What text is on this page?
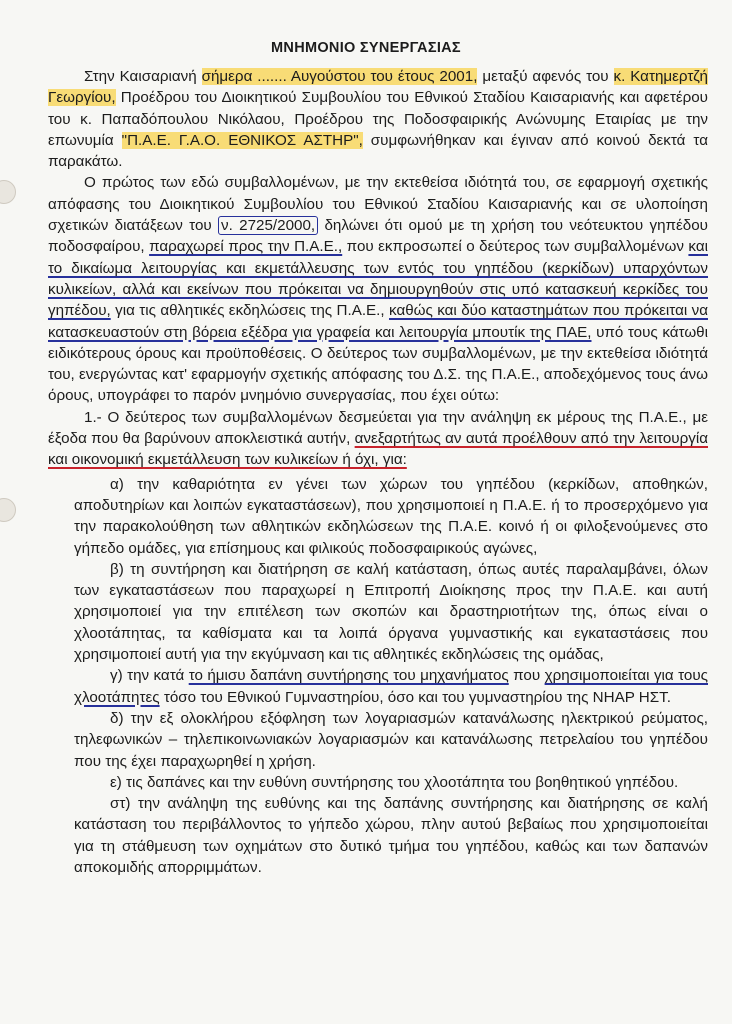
ΜΝΗΜΟΝΙΟ ΣΥΝΕΡΓΑΣΙΑΣ

Στην Καισαριανή σήμερα ....... Αυγούστου του έτους 2001, μεταξύ αφενός του κ. Κατημερτζή Γεωργίου, Προέδρου του Διοικητικού Συμβουλίου του Εθνικού Σταδίου Καισαριανής και αφετέρου του κ. Παπαδόπουλου Νικόλαου, Προέδρου της Ποδοσφαιρικής Ανώνυμης Εταιρίας με την επωνυμία "Π.Α.Ε. Γ.Α.Ο. ΕΘΝΙΚΟΣ ΑΣΤΗΡ", συμφωνήθηκαν και έγιναν από κοινού δεκτά τα παρακάτω.

Ο πρώτος των εδώ συμβαλλομένων, με την εκτεθείσα ιδιότητά του, σε εφαρμογή σχετικής απόφασης του Διοικητικού Συμβουλίου του Εθνικού Σταδίου Καισαριανής και σε υλοποίηση σχετικών διατάξεων του ν. 2725/2000, δηλώνει ότι ομού με τη χρήση του νεότευκτου γηπέδου ποδοσφαίρου, παραχωρεί προς την Π.Α.Ε., που εκπροσωπεί ο δεύτερος των συμβαλλομένων και το δικαίωμα λειτουργίας και εκμετάλλευσης των εντός του γηπέδου (κερκίδων) υπαρχόντων κυλικείων, αλλά και εκείνων που πρόκειται να δημιουργηθούν στις υπό κατασκευή κερκίδες του γηπέδου, για τις αθλητικές εκδηλώσεις της Π.Α.Ε., καθώς και δύο καταστημάτων που πρόκειται να κατασκευαστούν στη βόρεια εξέδρα για γραφεία και λειτουργία μπουτίκ της ΠΑΕ, υπό τους κάτωθι ειδικότερους όρους και προϋποθέσεις. Ο δεύτερος των συμβαλλομένων, με την εκτεθείσα ιδιότητά του, ενεργώντας κατ' εφαρμογήν σχετικής απόφασης του Δ.Σ. της Π.Α.Ε., αποδεχόμενος τους άνω όρους, υπογράφει το παρόν μνημόνιο συνεργασίας, που έχει ούτω:

1.- Ο δεύτερος των συμβαλλομένων δεσμεύεται για την ανάληψη εκ μέρους της Π.Α.Ε., με έξοδα που θα βαρύνουν αποκλειστικά αυτήν, ανεξαρτήτως αν αυτά προέλθουν από την λειτουργία και οικονομική εκμετάλλευση των κυλικείων ή όχι, για:

α) την καθαριότητα εν γένει των χώρων του γηπέδου (κερκίδων, αποθηκών, αποδυτηρίων και λοιπών εγκαταστάσεων), που χρησιμοποιεί η Π.Α.Ε. ή το προσερχόμενο για την παρακολούθηση των αθλητικών εκδηλώσεων της Π.Α.Ε. κοινό ή οι φιλοξενούμενες στο γήπεδο ομάδες, για επίσημους και φιλικούς ποδοσφαιρικούς αγώνες,

β) τη συντήρηση και διατήρηση σε καλή κατάσταση, όπως αυτές παραλαμβάνει, όλων των εγκαταστάσεων που παραχωρεί η Επιτροπή Διοίκησης προς την Π.Α.Ε. και αυτή χρησιμοποιεί για την επιτέλεση των σκοπών και δραστηριοτήτων της, όπως είναι ο χλοοτάπητας, τα καθίσματα και τα λοιπά όργανα γυμναστικής και εγκαταστάσεις που χρησιμοποιεί αυτή για την εκγύμναση και τις αθλητικές εκδηλώσεις της ομάδας,

γ) την κατά το ήμισυ δαπάνη συντήρησης του μηχανήματος που χρησιμοποιείται για τους χλοοτάπητες τόσο του Εθνικού Γυμναστηρίου, όσο και του γυμναστηρίου της ΝΗΑΡ ΗΣΤ.

δ) την εξ ολοκλήρου εξόφληση των λογαριασμών κατανάλωσης ηλεκτρικού ρεύματος, τηλεφωνικών – τηλεπικοινωνιακών λογαριασμών και κατανάλωσης πετρελαίου του γηπέδου που της έχει παραχωρηθεί η χρήση.

ε) τις δαπάνες και την ευθύνη συντήρησης του χλοοτάπητα του βοηθητικού γηπέδου.

στ) την ανάληψη της ευθύνης και της δαπάνης συντήρησης και διατήρησης σε καλή κατάσταση του περιβάλλοντος το γήπεδο χώρου, πλην αυτού βεβαίως που χρησιμοποιείται για τη στάθμευση των οχημάτων στο δυτικό τμήμα του γηπέδου, καθώς και των δαπανών αποκομιδής απορριμμάτων.
